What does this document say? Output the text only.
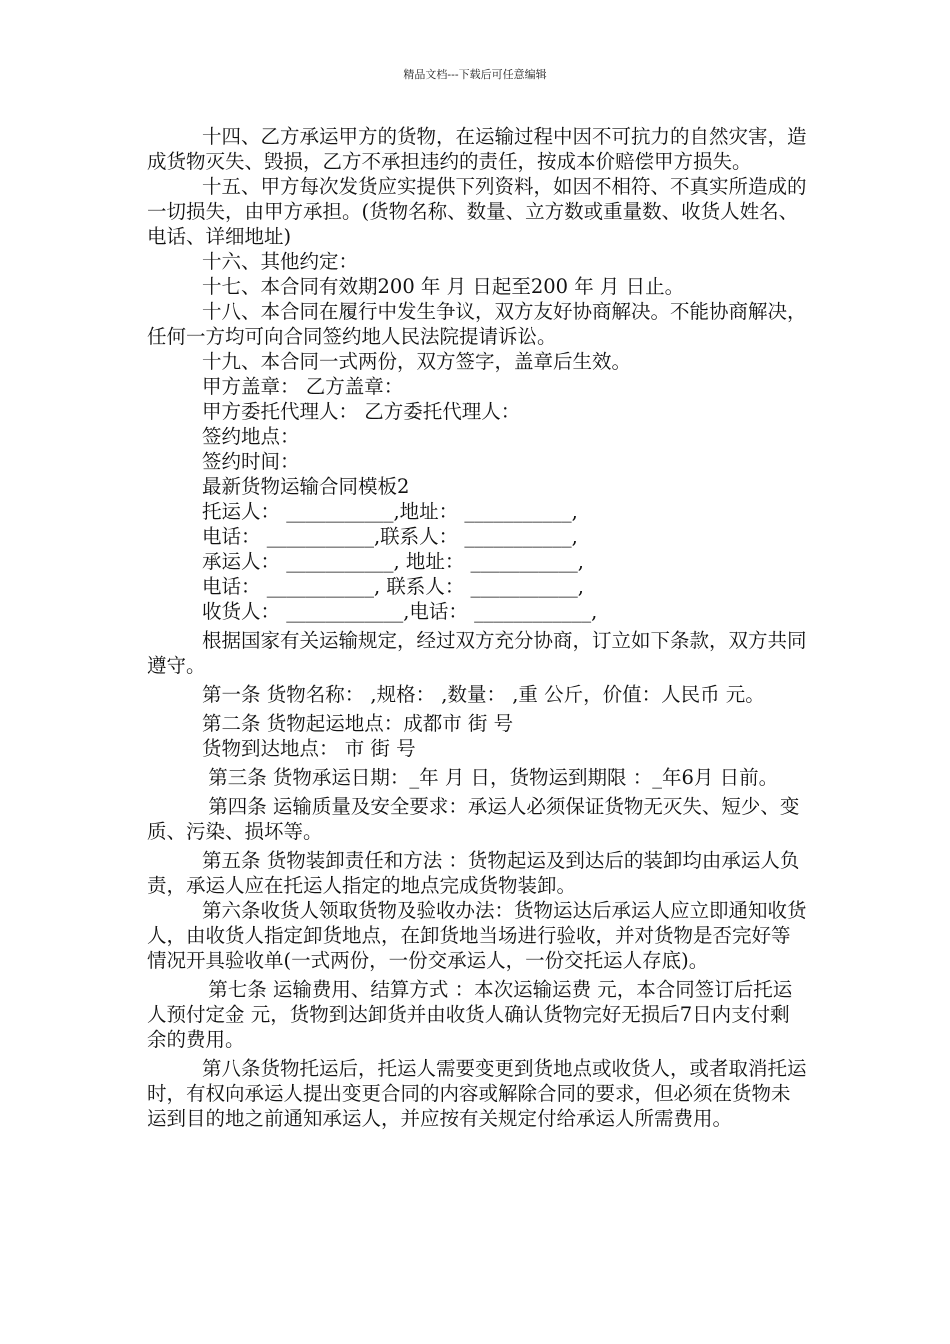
精品文档---下载后可任意编辑

十四、乙方承运甲方的货物，在运输过程中因不可抗力的自然灾害，造成货物灭失、毁损，乙方不承担违约的责任，按成本价赔偿甲方损失。

十五、甲方每次发货应实提供下列资料，如因不相符、不真实所造成的一切损失，由甲方承担。(货物名称、数量、立方数或重量数、收货人姓名、电话、详细地址)

十六、其他约定：

十七、本合同有效期200 年 月 日起至200 年 月 日止。

十八、本合同在履行中发生争议，双方友好协商解决。不能协商解决，任何一方均可向合同签约地人民法院提请诉讼。

十九、本合同一式两份，双方签字，盖章后生效。

甲方盖章： 乙方盖章：

甲方委托代理人： 乙方委托代理人：

签约地点：

签约时间：

最新货物运输合同模板2

托运人： ___________,地址： ___________,

电话： ___________,联系人： ___________,

承运人： ___________, 地址： ___________,

电话： ___________, 联系人： ___________,

收货人： ____________,电话： ____________,

根据国家有关运输规定，经过双方充分协商，订立如下条款，双方共同遵守。

第一条 货物名称： ,规格： ,数量： ,重 公斤，价值：人民币 元。

第二条 货物起运地点：成都市 街 号

货物到达地点： 市 街 号

第三条 货物承运日期：_年 月 日，货物运到期限 ：_年6月 日前。

第四条 运输质量及安全要求：承运人必须保证货物无灭失、短少、变质、污染、损坏等。

第五条 货物装卸责任和方法 ：货物起运及到达后的装卸均由承运人负责，承运人应在托运人指定的地点完成货物装卸。

第六条收货人领取货物及验收办法：货物运达后承运人应立即通知收货人，由收货人指定卸货地点，在卸货地当场进行验收，并对货物是否完好等情况开具验收单(一式两份，一份交承运人，一份交托运人存底)。

第七条 运输费用、结算方式 ：本次运输运费 元，本合同签订后托运人预付定金 元，货物到达卸货并由收货人确认货物完好无损后7日内支付剩余的费用。

第八条货物托运后，托运人需要变更到货地点或收货人，或者取消托运时，有权向承运人提出变更合同的内容或解除合同的要求，但必须在货物未运到目的地之前通知承运人，并应按有关规定付给承运人所需费用。
